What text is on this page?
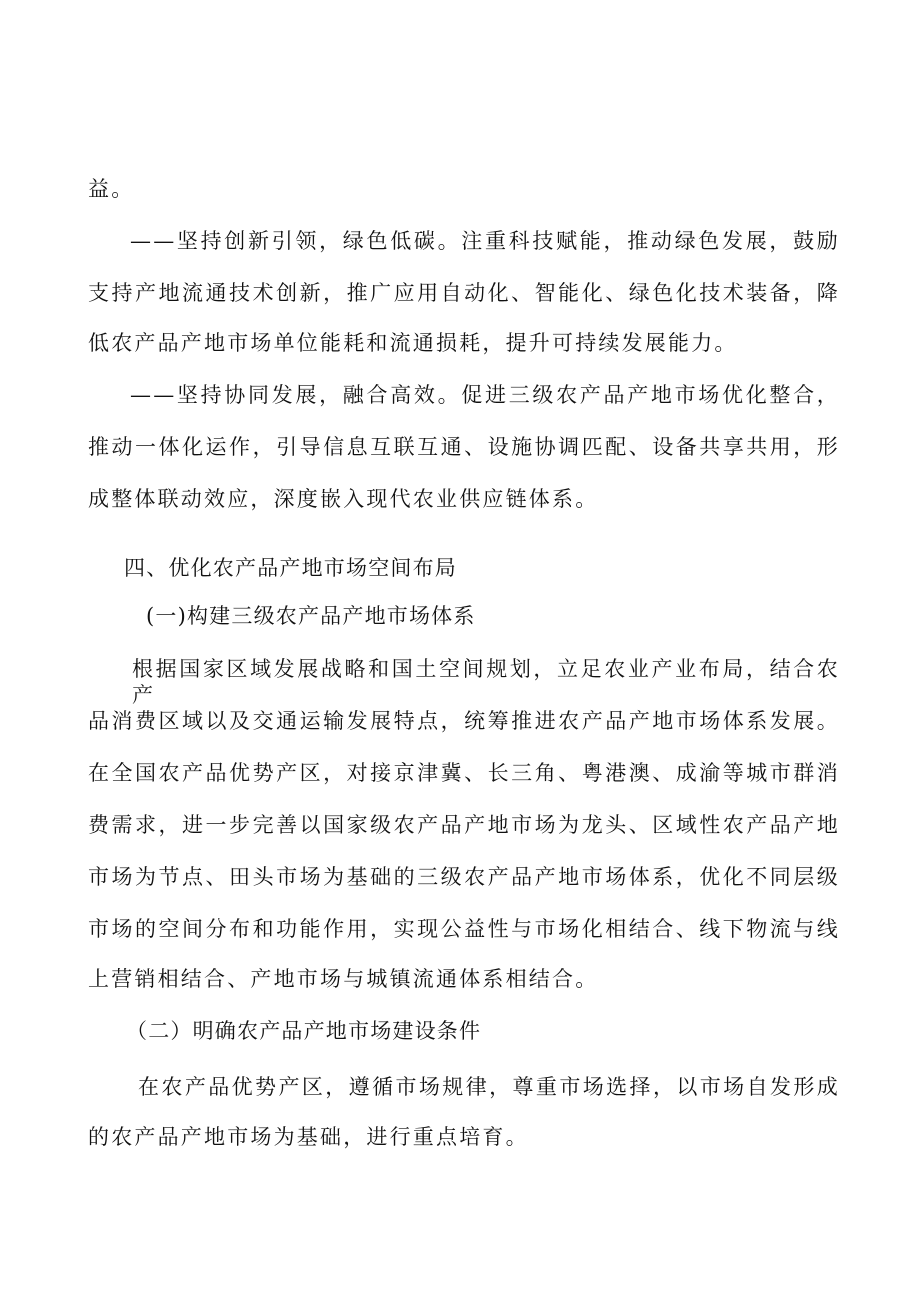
益。
——坚持创新引领，绿色低碳。注重科技赋能，推动绿色发展，鼓励
支持产地流通技术创新，推广应用自动化、智能化、绿色化技术装备，降
低农产品产地市场单位能耗和流通损耗，提升可持续发展能力。
——坚持协同发展，融合高效。促进三级农产品产地市场优化整合，
推动一体化运作，引导信息互联互通、设施协调匹配、设备共享共用，形
成整体联动效应，深度嵌入现代农业供应链体系。
四、优化农产品产地市场空间布局
(一)构建三级农产品产地市场体系
根据国家区域发展战略和国土空间规划，立足农业产业布局，结合农产
品消费区域以及交通运输发展特点，统筹推进农产品产地市场体系发展。
在全国农产品优势产区，对接京津冀、长三角、粤港澳、成渝等城市群消
费需求，进一步完善以国家级农产品产地市场为龙头、区域性农产品产地
市场为节点、田头市场为基础的三级农产品产地市场体系，优化不同层级
市场的空间分布和功能作用，实现公益性与市场化相结合、线下物流与线
上营销相结合、产地市场与城镇流通体系相结合。
（二）明确农产品产地市场建设条件
在农产品优势产区，遵循市场规律，尊重市场选择，以市场自发形成
的农产品产地市场为基础，进行重点培育。
